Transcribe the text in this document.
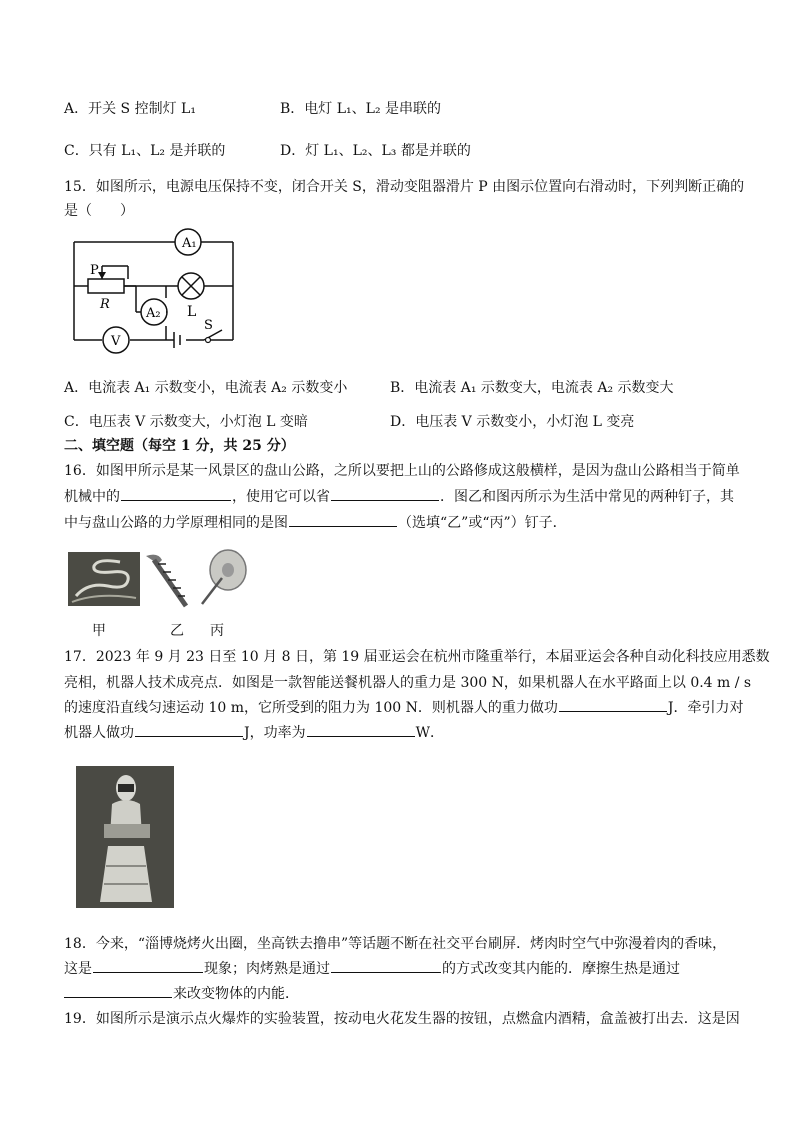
A．开关 S 控制灯 L₁	B．电灯 L₁、L₂ 是串联的
C．只有 L₁、L₂ 是并联的	D．灯 L₁、L₂、L₃ 都是并联的
15．如图所示，电源电压保持不变，闭合开关 S，滑动变阻器滑片 P 由图示位置向右滑动时，下列判断正确的
是（　　）
A₁
A₂
V
P
R	L
S
A．电流表 A₁ 示数变小，电流表 A₂ 示数变小	B．电流表 A₁ 示数变大，电流表 A₂ 示数变大
C．电压表 V 示数变大，小灯泡 L 变暗	D．电压表 V 示数变小，小灯泡 L 变亮
二、填空题（每空 1 分，共 25 分）
16．如图甲所示是某一风景区的盘山公路，之所以要把上山的公路修成这般横样，是因为盘山公路相当于简单
机械中的	，使用它可以省	．图乙和图丙所示为生活中常见的两种钉子，其
中与盘山公路的力学原理相同的是图	（选填“乙”或“丙”）钉子．
甲	乙 丙
17．2023 年 9 月 23 日至 10 月 8 日，第 19 届亚运会在杭州市隆重举行，本届亚运会各种自动化科技应用悉数
亮相，机器人技术成亮点．如图是一款智能送餐机器人的重力是 300 N，如果机器人在水平路面上以 0.4 m / s
的速度沿直线匀速运动 10 m，它所受到的阻力为 100 N．则机器人的重力做功	J．牵引力对
机器人做功	J，功率为	W．
18．今来，“淄博烧烤火出圈，坐高铁去撸串”等话题不断在社交平台刷屏．烤肉时空气中弥漫着肉的香味，
这是	现象；肉烤熟是通过	的方式改变其内能的．摩擦生热是通过
来改变物体的内能．
19．如图所示是演示点火爆炸的实验装置，按动电火花发生器的按钮，点燃盒内酒精，盒盖被打出去．这是因
